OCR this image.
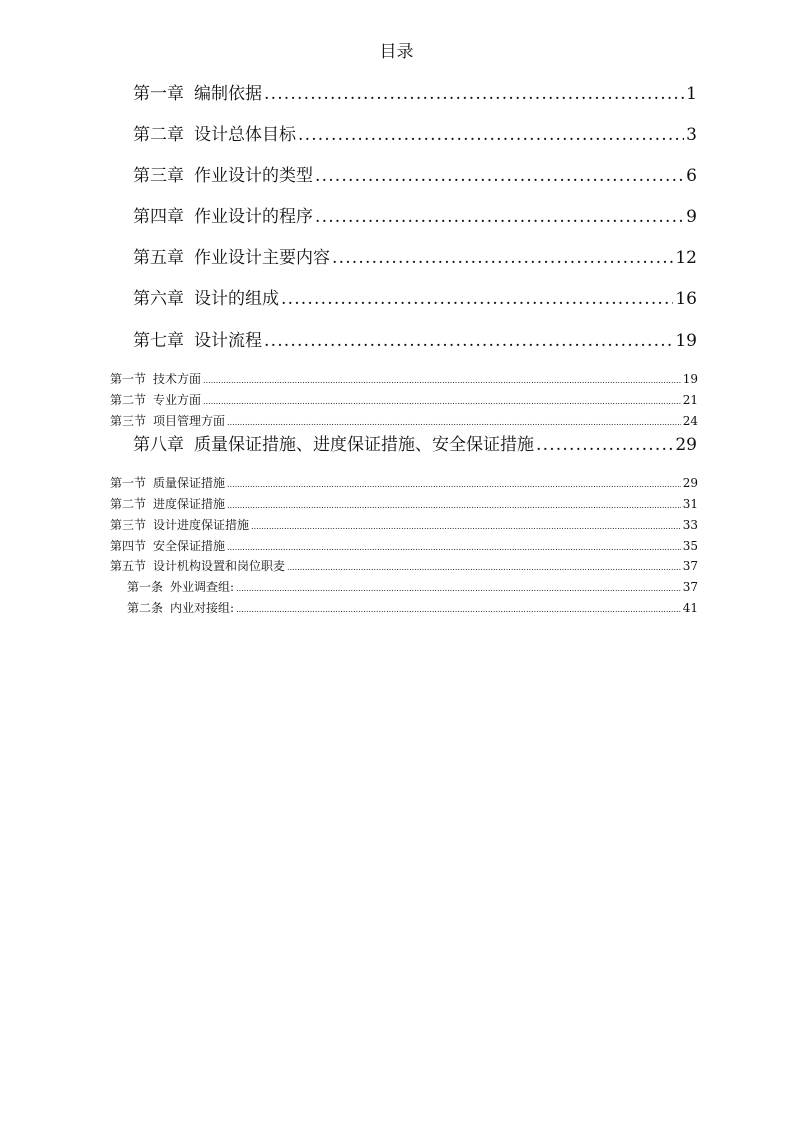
目录
第一章 编制依据 .....	1
第二章 设计总体目标 .....	3
第三章 作业设计的类型 .....	6
第四章 作业设计的程序 .....	9
第五章 作业设计主要内容 .....	12
第六章 设计的组成 .....	16
第七章 设计流程 .....	19
第一节 技术方面 .....	19
第二节 专业方面 .....	21
第三节 项目管理方面 .....	24
第八章 质量保证措施、进度保证措施、安全保证措施 .....	29
第一节 质量保证措施 .....	29
第二节 进度保证措施 .....	31
第三节 设计进度保证措施 .....	33
第四节 安全保证措施 .....	35
第五节 设计机构设置和岗位职麦 .....	37
第一条 外业调查组: .....	37
第二条 内业对接组: .....	41
